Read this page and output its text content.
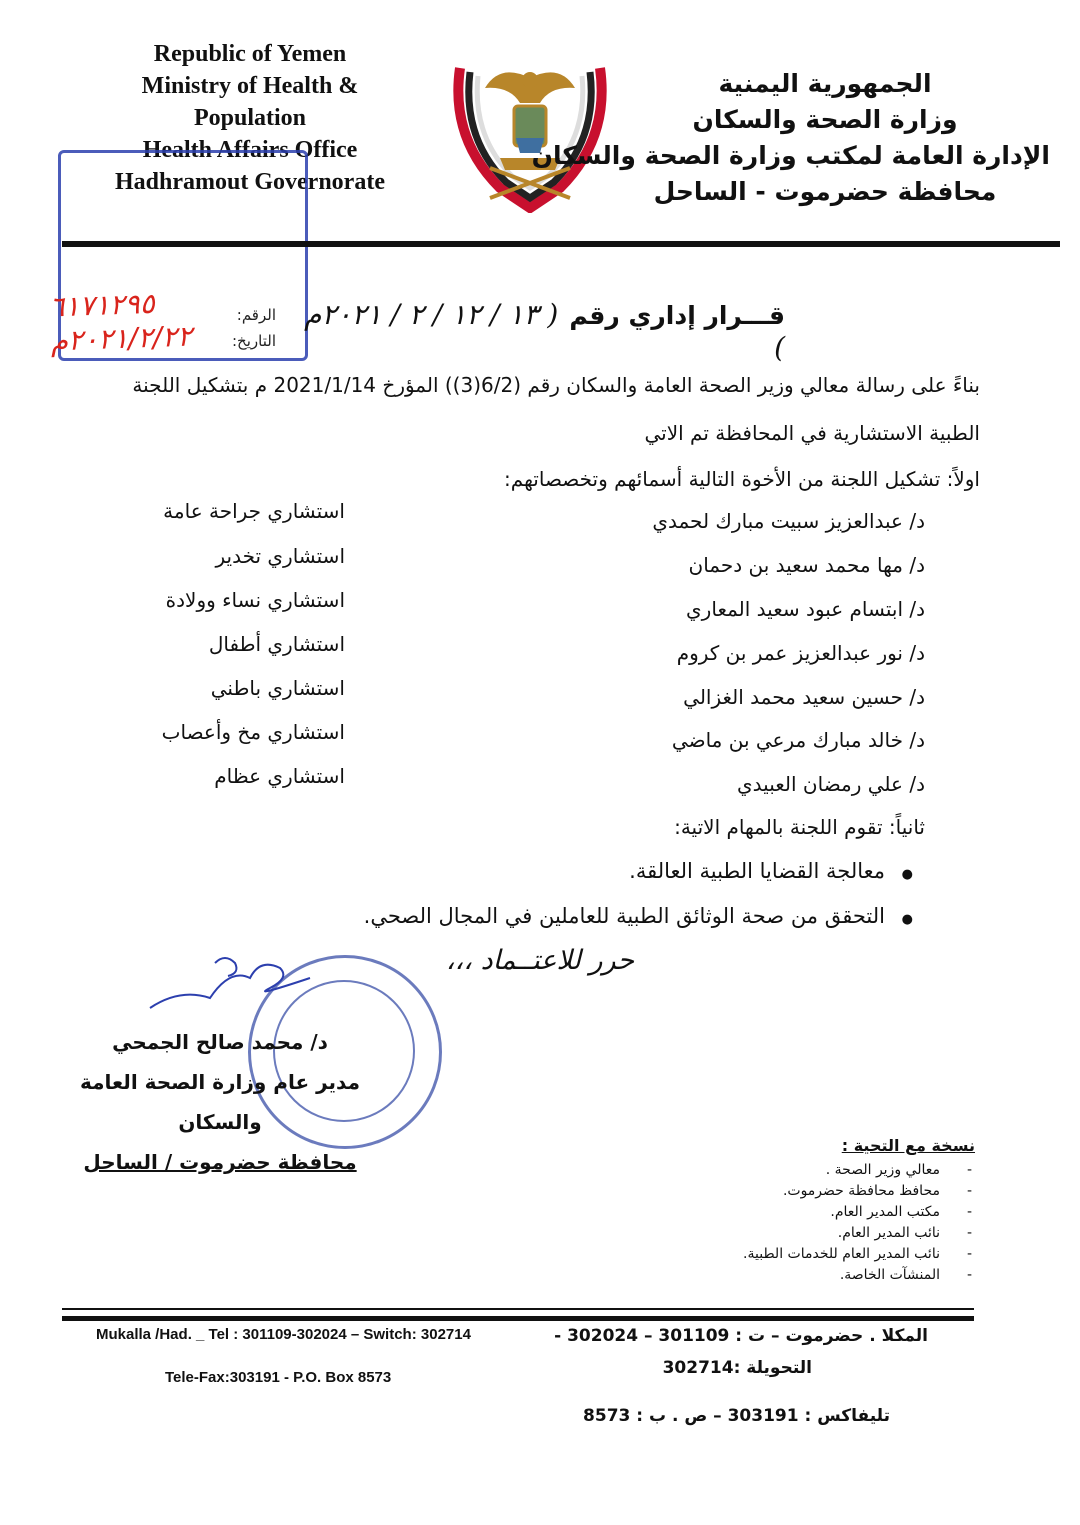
Republic of Yemen
Ministry of Health &
Population
Health Affairs Office
Hadhramout Governorate
الجمهورية اليمنية
وزارة الصحة والسكان
الإدارة العامة لمكتب وزارة الصحة والسكان
محافظة حضرموت - الساحل
الرقم:
التاريخ:
٦١٧١٢٩٥
٢٠٢١/٢/٢٢م
قـــرار إداري رقم ( ١٣ / ١٢ / ٢ / ٢٠٢١م )
بناءً على رسالة معالي وزير الصحة العامة والسكان رقم (6/2(3)) المؤرخ 2021/1/14 م بتشكيل اللجنة
الطبية الاستشارية في المحافظة تم الاتي
اولاً: تشكيل اللجنة من الأخوة التالية أسمائهم وتخصصاتهم:
د/ عبدالعزيز سبيت مبارك لحمدي
استشاري جراحة عامة
د/ مها محمد سعيد بن دحمان
استشاري تخدير
د/ ابتسام عبود سعيد المعاري
استشاري نساء وولادة
د/ نور عبدالعزيز عمر بن كروم
استشاري أطفال
د/ حسين سعيد محمد الغزالي
استشاري باطني
د/ خالد مبارك مرعي بن ماضي
استشاري مخ وأعصاب
د/ علي رمضان العبيدي
استشاري عظام
ثانياً: تقوم اللجنة بالمهام الاتية:
معالجة القضايا الطبية العالقة. ●
التحقق من صحة الوثائق الطبية للعاملين في المجال الصحي. ●
حرر للاعتــماد ،،،
د/ محمد صالح الجمحي
مدير عام وزارة الصحة العامة والسكان
محافظة حضرموت / الساحل
نسخة مع التحية :
- معالي وزير الصحة .
- محافظ محافظة حضرموت.
- مكتب المدير العام.
- نائب المدير العام.
- نائب المدير العام للخدمات الطبية.
- المنشآت الخاصة.
Mukalla /Had. _ Tel : 301109-302024 – Switch: 302714
Tele-Fax:303191 - P.O. Box 8573
المكلا . حضرموت – ت : 301109 – 302024 -
التحويلة :302714
تليفاكس : 303191 – ص . ب : 8573
